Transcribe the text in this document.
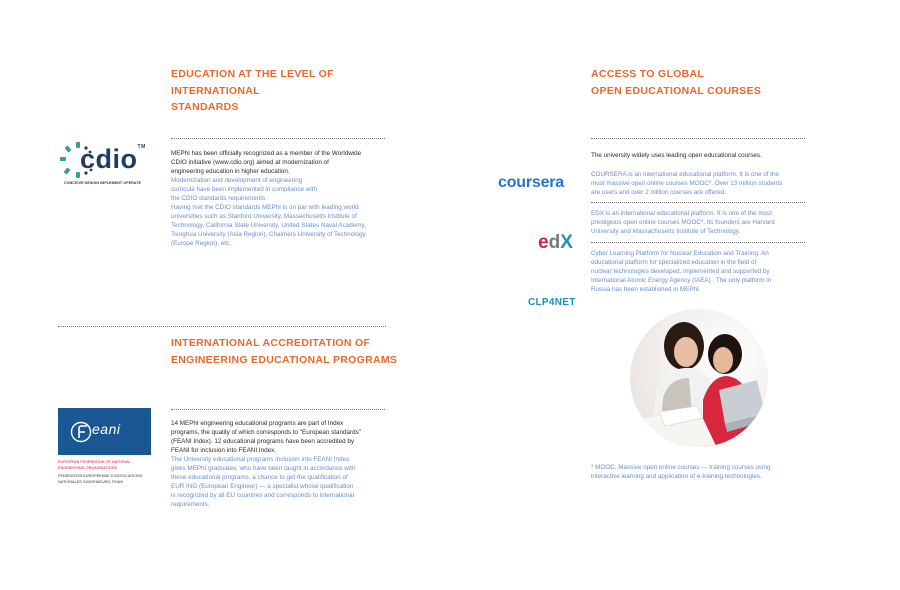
EDUCATION AT THE LEVEL OF
INTERNATIONAL
STANDARDS
cdio™
CONCEIVE DESIGN IMPLEMENT OPERATE

MEPhI has been officially recognized as a member of the Worldwide
CDIO initiative (www.cdio.org) aimed at modernization of
engineering education in higher education.

Modernization and development of engineering
curricula have been implemented in compliance with
the CDIO standards requirements.
Having met the CDIO standards MEPhI is on par with leading world
universities such as Stanford University, Massachusetts Institute of
Technology, California State University, United States Naval Academy,
Tsinghua University (Asia Region), Chalmers University of Technology
(Europe Region), etc.

INTERNATIONAL ACCREDITATION OF
ENGINEERING EDUCATIONAL PROGRAMS
eani
EUROPEAN FEDERATION OF NATIONAL
ENGINEERING ORGANISATIONS
FEDERATION EUROPEENNE D'ASSOCIATIONS
NATIONALES D'INGENIEURS, FEANI

14 MEPhI engineering educational programs are part of Index
programs, the quality of which corresponds to "European standards"
(FEANI Index). 12 educational programs have been accredited by
FEANI for inclusion into FEANI Index.

The University educational programs inclusion into FEANI Index
gives MEPhI graduates, who have been taught in accordance with
these educational programs, a chance to get the qualification of
EUR ING (European Engineer) — a specialist whose qualification
is recognized by all EU countries and corresponds to international
requirements.

ACCESS TO GLOBAL
OPEN EDUCATIONAL COURSES

The university widely uses leading open educational courses.

coursera	COURSERA is an international educational platform. It is one of the
most massive open online courses MOOC*. Over 13 million students
are users and over 2 million courses are offered.

edX

EDX is an international educational platform. It is one of the most
prestigious open online courses MOOC*. Its founders are Harvard
University and Massachusetts Institute of Technology.

CLP4NET

Cyber Learning Platform for Nuclear Education and Training. An
educational platform for specialized education in the field of
nuclear technologies developed, implemented and supported by
International Atomic Energy Agency (IAEA) . The only platform in
Russia has been established in MEPhI.

* MOOC: Massive open online courses — training courses using
interactive learning and application of e-training technologies.
